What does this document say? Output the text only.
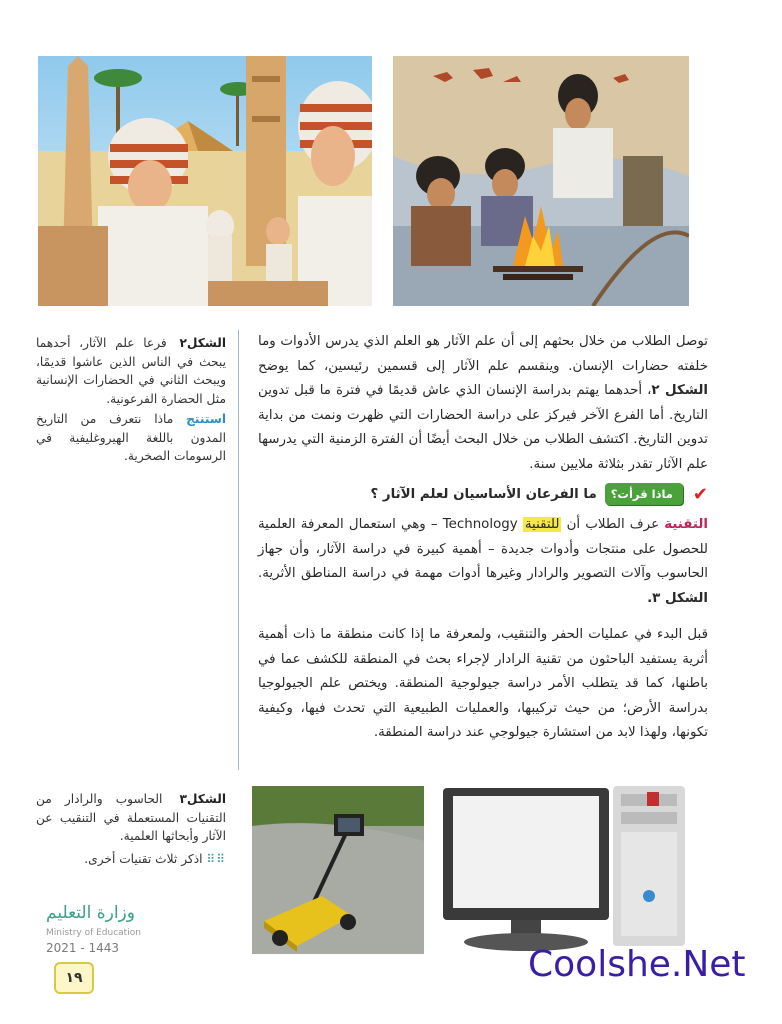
توصل الطلاب من خلال بحثهم إلى أن علم الآثار هو العلم الذي يدرس الأدوات وما خلفته حضارات الإنسان. وينقسم علم الآثار إلى قسمين رئيسين، كما يوضح الشكل ٢، أحدهما يهتم بدراسة الإنسان الذي عاش قديمًا في فترة ما قبل تدوين التاريخ. أما الفرع الآخر فيركز على دراسة الحضارات التي ظهرت ونمت من بداية تدوين التاريخ. اكتشف الطلاب من خلال البحث أيضًا أن الفترة الزمنية التي يدرسها علم الآثار تقدر بثلاثة ملايين سنة.

✔
ماذا قرأت؟
ما الفرعان الأساسيان لعلم الآثار ؟

التقنية عرف الطلاب أن للتقنية Technology – وهي استعمال المعرفة العلمية للحصول على منتجات وأدوات جديدة – أهمية كبيرة في دراسة الآثار، وأن جهاز الحاسوب وآلات التصوير والرادار وغيرها أدوات مهمة في دراسة المناطق الأثرية. الشكل ٣.

قبل البدء في عمليات الحفر والتنقيب، ولمعرفة ما إذا كانت منطقة ما ذات أهمية أثرية يستفيد الباحثون من تقنية الرادار لإجراء بحث في المنطقة للكشف عما في باطنها، كما قد يتطلب الأمر دراسة جيولوجية المنطقة. ويختص علم الجيولوجيا بدراسة الأرض؛ من حيث تركيبها، والعمليات الطبيعية التي تحدث فيها، وكيفية تكونها، ولهذا لابد من استشارة جيولوجي عند دراسة المنطقة.

الشكل٢ فرعا علم الآثار، أحدهما يبحث في الناس الذين عاشوا قديمًا، ويبحث الثاني في الحضارات الإنسانية مثل الحضارة الفرعونية.
استنتج ماذا نتعرف من التاريخ المدون باللغة الهيروغليفية في الرسومات الصخرية.
الشكل٣ الحاسوب والرادار من التقنيات المستعملة في التنقيب عن الآثار وأبحاثها العلمية.
⠿⠿ اذكر ثلاث تقنيات أخرى.
وزارة التعليم
Ministry of Education
2021 - 1443
١٩	Coolshe.Net
